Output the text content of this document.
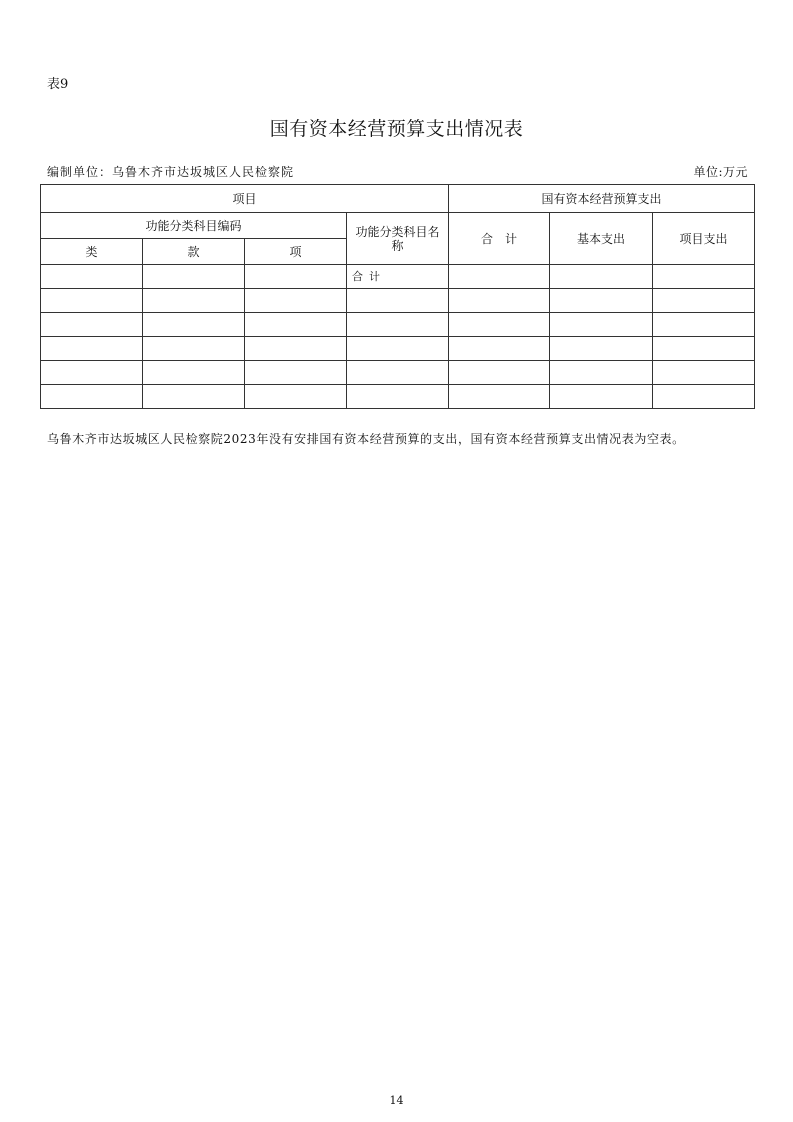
表9
国有资本经营预算支出情况表
编制单位：乌鲁木齐市达坂城区人民检察院	单位:万元
项目				国有资本经营预算支出		
功能分类科目编码			功能分类科目名称	合　计	基本支出	项目支出
类	款	项				
			合计			

乌鲁木齐市达坂城区人民检察院2023年没有安排国有资本经营预算的支出，国有资本经营预算支出情况表为空表。
14
